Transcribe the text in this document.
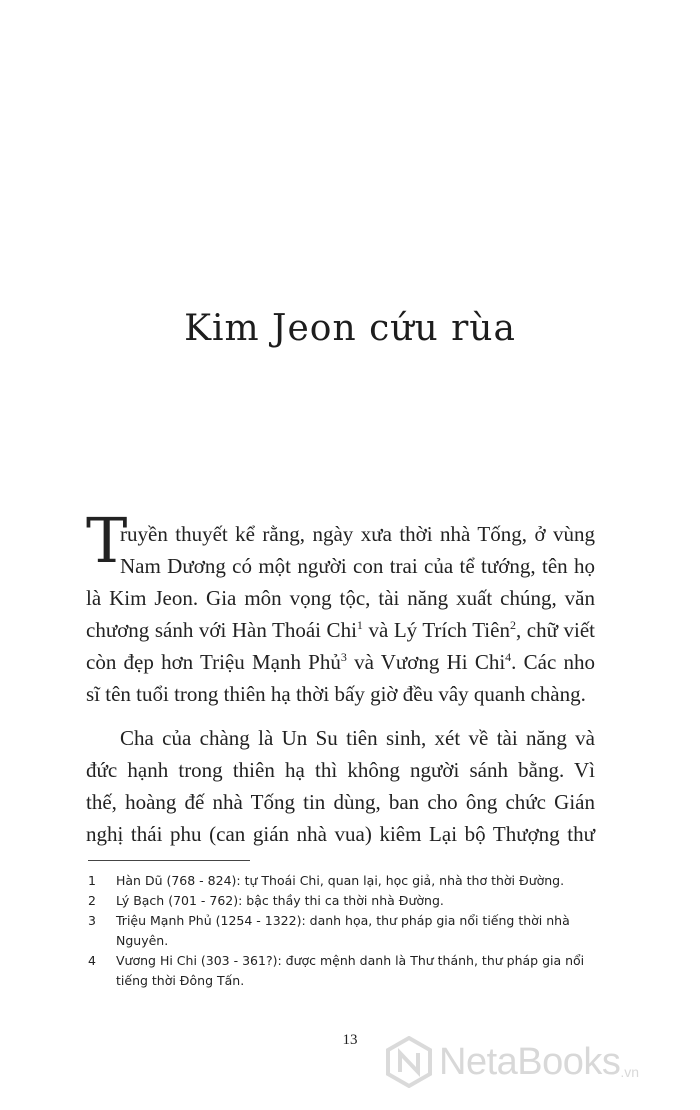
Kim Jeon cứu rùa
T
ruyền thuyết kể rằng, ngày xưa thời nhà Tống, ở vùng
Nam Dương có một người con trai của tể tướng, tên họ
là Kim Jeon. Gia môn vọng tộc, tài năng xuất chúng, văn
chương sánh với Hàn Thoái Chi$^1$ và Lý Trích Tiên$^2$, chữ viết
còn đẹp hơn Triệu Mạnh Phủ$^3$ và Vương Hi Chi$^4$. Các nho
sĩ tên tuổi trong thiên hạ thời bấy giờ đều vây quanh chàng.
Cha của chàng là Un Su tiên sinh, xét về tài năng và
đức hạnh trong thiên hạ thì không người sánh bằng. Vì
thế, hoàng đế nhà Tống tin dùng, ban cho ông chức Gián
nghị thái phu (can gián nhà vua) kiêm Lại bộ Thượng thư
1	Hàn Dũ (768 - 824): tự Thoái Chi, quan lại, học giả, nhà thơ thời Đường.
2	Lý Bạch (701 - 762): bậc thầy thi ca thời nhà Đường.
3	Triệu Mạnh Phủ (1254 - 1322): danh họa, thư pháp gia nổi tiếng thời nhà Nguyên.
4	Vương Hi Chi (303 - 361?): được mệnh danh là Thư thánh, thư pháp gia nổi tiếng thời Đông Tấn.
13
NetaBooks .vn
